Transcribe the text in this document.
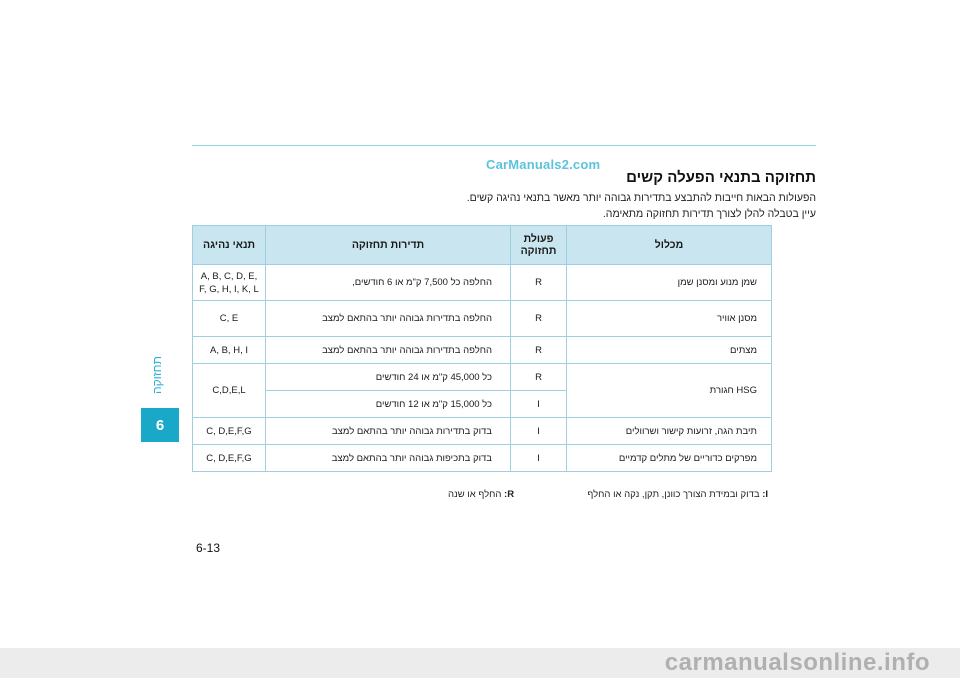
CarManuals2.com
תחזוקה בתנאי הפעלה קשים
הפעולות הבאות חייבות להתבצע בתדירות גבוהה יותר מאשר בתנאי נהיגה קשים.
עיין בטבלה להלן לצורך תדירות תחזוקה מתאימה.
תחזוקה
6
מכלול	פעולת תחזוקה	תדירות תחזוקה	תנאי נהיגה
שמן מנוע ומסנן שמן	R	החלפה כל 7,500 ק"מ או 6 חודשים,	A, B, C, D, E,
F, G, H, I, K, L

מסנן אוויר	R	החלפה בתדירות גבוהה יותר בהתאם למצב	C, E
מצתים	R	החלפה בתדירות גבוהה יותר בהתאם למצב	A, B, H, I
HSG חגורת	R	כל 45,000 ק"מ או 24 חודשים	C,D,E,L
	I	כל 15,000 ק"מ או 12 חודשים	
תיבת הגה, זרועות קישור ושרוולים	I	בדוק בתדירות גבוהה יותר בהתאם למצב	C, D,E,F,G
מפרקים כדוריים של מתלים קדמיים	I	בדוק בתכיפות גבוהה יותר בהתאם למצב	C, D,E,F,G
I: בדוק ובמידת הצורך כוונן, תקן, נקה או החלף
R: החלף או שנה
6-13
carmanualsonline.info
